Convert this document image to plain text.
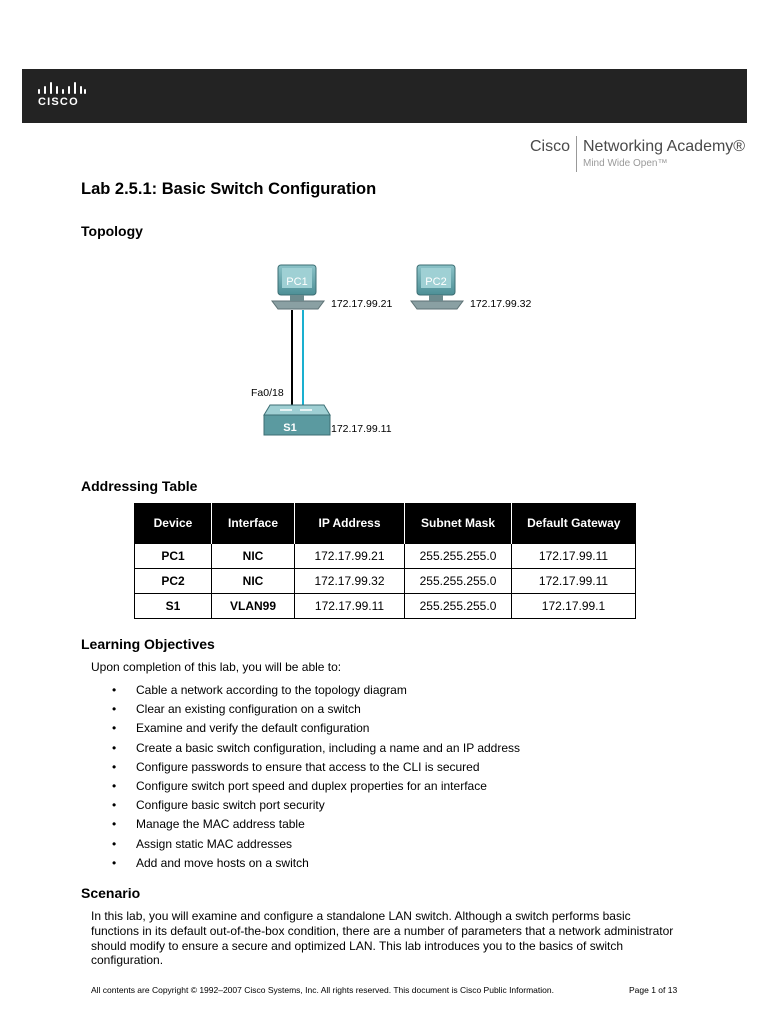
CISCO
Cisco Networking Academy®
Mind Wide Open™
Lab 2.5.1: Basic Switch Configuration
Topology
PC1	PC2
S1
172.17.99.21	172.17.99.32
Fa0/18
172.17.99.11
Addressing Table
Device	Interface	IP Address	Subnet Mask	Default Gateway
PC1	NIC	172.17.99.21	255.255.255.0	172.17.99.11
PC2	NIC	172.17.99.32	255.255.255.0	172.17.99.11
S1	VLAN99	172.17.99.11	255.255.255.0	172.17.99.1
Learning Objectives
Upon completion of this lab, you will be able to:
• Cable a network according to the topology diagram
• Clear an existing configuration on a switch
• Examine and verify the default configuration
• Create a basic switch configuration, including a name and an IP address
• Configure passwords to ensure that access to the CLI is secured
• Configure switch port speed and duplex properties for an interface
• Configure basic switch port security
• Manage the MAC address table
• Assign static MAC addresses
• Add and move hosts on a switch
Scenario
In this lab, you will examine and configure a standalone LAN switch. Although a switch performs basic functions in its default out-of-the-box condition, there are a number of parameters that a network administrator should modify to ensure a secure and optimized LAN. This lab introduces you to the basics of switch configuration.
All contents are Copyright © 1992–2007 Cisco Systems, Inc. All rights reserved. This document is Cisco Public Information.	Page 1 of 13
